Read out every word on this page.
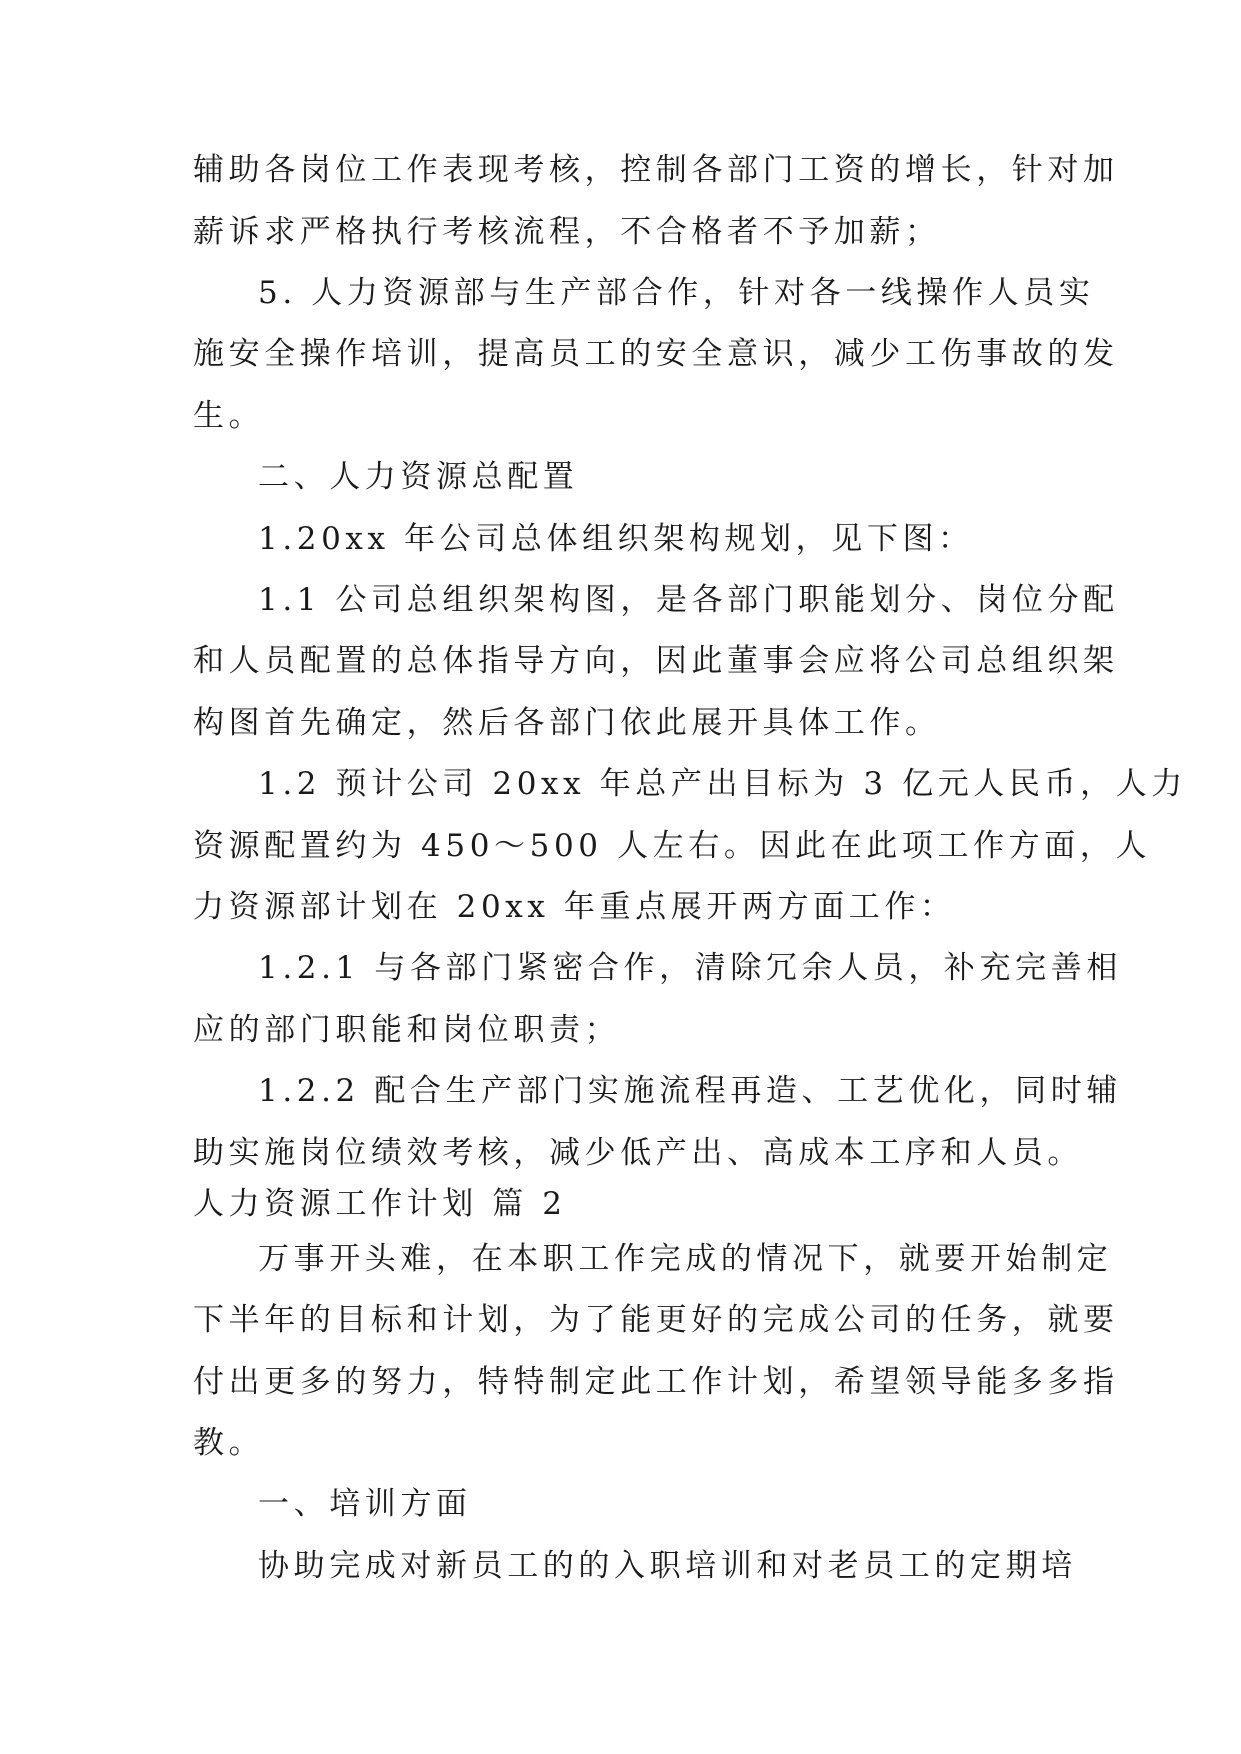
辅助各岗位工作表现考核，控制各部门工资的增长，针对加
薪诉求严格执行考核流程，不合格者不予加薪；
5. 人力资源部与生产部合作，针对各一线操作人员实
施安全操作培训，提高员工的安全意识，减少工伤事故的发
生。
二、人力资源总配置
1.20xx 年公司总体组织架构规划，见下图：
1.1 公司总组织架构图，是各部门职能划分、岗位分配
和人员配置的总体指导方向，因此董事会应将公司总组织架
构图首先确定，然后各部门依此展开具体工作。
1.2 预计公司 20xx 年总产出目标为 3 亿元人民币，人力
资源配置约为 450～500 人左右。因此在此项工作方面，人
力资源部计划在 20xx 年重点展开两方面工作：
1.2.1 与各部门紧密合作，清除冗余人员，补充完善相
应的部门职能和岗位职责；
1.2.2 配合生产部门实施流程再造、工艺优化，同时辅
助实施岗位绩效考核，减少低产出、高成本工序和人员。
人力资源工作计划 篇 2
万事开头难，在本职工作完成的情况下，就要开始制定
下半年的目标和计划，为了能更好的完成公司的任务，就要
付出更多的努力，特特制定此工作计划，希望领导能多多指
教。
一、培训方面
协助完成对新员工的的入职培训和对老员工的定期培
